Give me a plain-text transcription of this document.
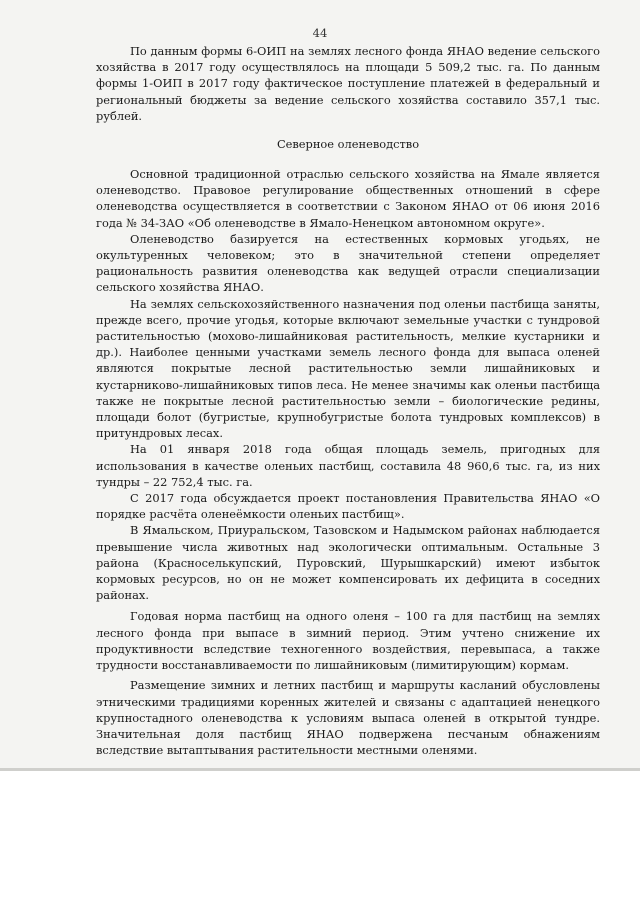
44

По данным формы 6-ОИП на землях лесного фонда ЯНАО ведение сельского хозяйства в 2017 году осуществлялось на площади 5 509,2 тыс. га. По данным формы 1-ОИП в 2017 году фактическое поступление платежей в федеральный и региональный бюджеты за ведение сельского хозяйства составило 357,1 тыс. рублей.

Северное оленеводство

Основной традиционной отраслью сельского хозяйства на Ямале является оленеводство. Правовое регулирование общественных отношений в сфере оленеводства осуществляется в соответствии с Законом ЯНАО от 06 июня 2016 года № 34-ЗАО «Об оленеводстве в Ямало-Ненецком автономном округе».

Оленеводство базируется на естественных кормовых угодьях, не окультуренных человеком; это в значительной степени определяет рациональность развития оленеводства как ведущей отрасли специализации сельского хозяйства ЯНАО.

На землях сельскохозяйственного назначения под оленьи пастбища заняты, прежде всего, прочие угодья, которые включают земельные участки с тундровой растительностью (мохово-лишайниковая растительность, мелкие кустарники и др.). Наиболее ценными участками земель лесного фонда для выпаса оленей являются покрытые лесной растительностью земли лишайниковых и кустарниково-лишайниковых типов леса. Не менее значимы как оленьи пастбища также не покрытые лесной растительностью земли – биологические редины, площади болот (бугристые, крупнобугристые болота тундровых комплексов) в притундровых лесах.

На 01 января 2018 года общая площадь земель, пригодных для использования в качестве оленьих пастбищ, составила 48 960,6 тыс. га, из них тундры – 22 752,4 тыс. га.

С 2017 года обсуждается проект постановления Правительства ЯНАО «О порядке расчёта оленеёмкости оленьих пастбищ».

В Ямальском, Приуральском, Тазовском и Надымском районах наблюдается превышение числа животных над экологически оптимальным. Остальные 3 района (Красноселькупский, Пуровский, Шурышкарский) имеют избыток кормовых ресурсов, но он не может компенсировать их дефицита в соседних районах.

Годовая норма пастбищ на одного оленя – 100 га для пастбищ на землях лесного фонда при выпасе в зимний период. Этим учтено снижение их продуктивности вследствие техногенного воздействия, перевыпаса, а также трудности восстанавливаемости по лишайниковым (лимитирующим) кормам.

Размещение зимних и летних пастбищ и маршруты касланий обусловлены этническими традициями коренных жителей и связаны с адаптацией ненецкого крупностадного оленеводства к условиям выпаса оленей в открытой тундре. Значительная доля пастбищ ЯНАО подвержена песчаным обнажениям вследствие вытаптывания растительности местными оленями.
